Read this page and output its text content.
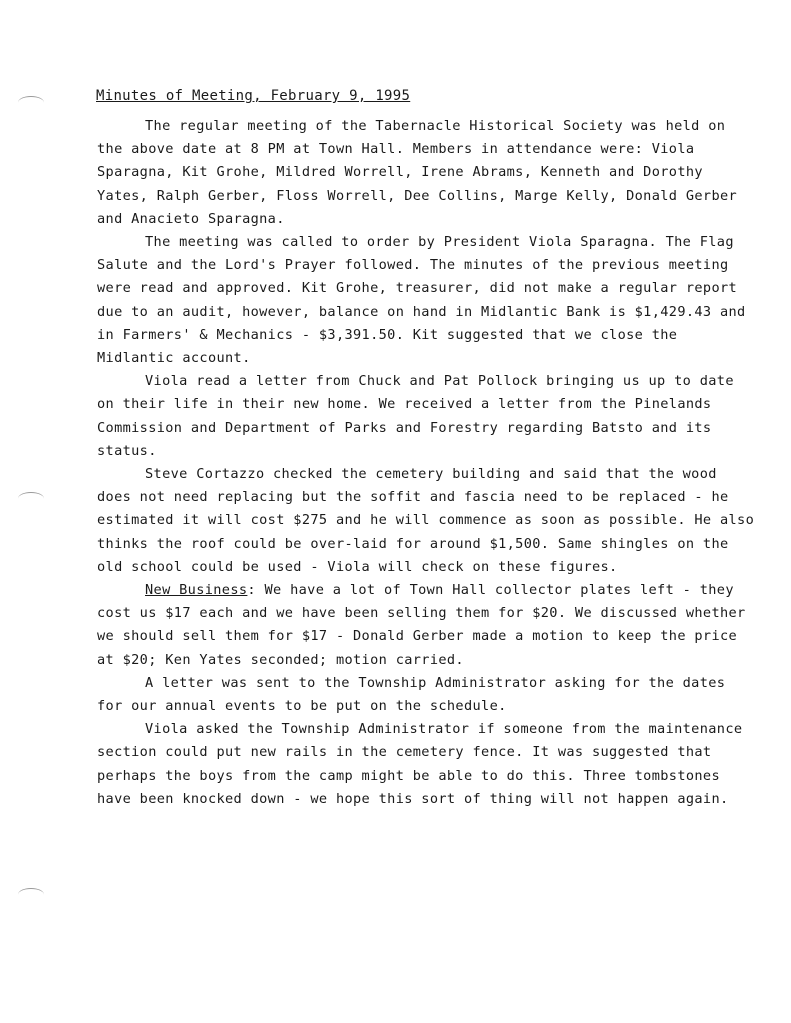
Minutes of Meeting, February 9, 1995

The regular meeting of the Tabernacle Historical Society was held on the above date at 8 PM at Town Hall. Members in attendance were: Viola Sparagna, Kit Grohe, Mildred Worrell, Irene Abrams, Kenneth and Dorothy Yates, Ralph Gerber, Floss Worrell, Dee Collins, Marge Kelly, Donald Gerber and Anacieto Sparagna.

The meeting was called to order by President Viola Sparagna. The Flag Salute and the Lord's Prayer followed. The minutes of the previous meeting were read and approved. Kit Grohe, treasurer, did not make a regular report due to an audit, however, balance on hand in Midlantic Bank is $1,429.43 and in Farmers' & Mechanics - $3,391.50. Kit suggested that we close the Midlantic account.

Viola read a letter from Chuck and Pat Pollock bringing us up to date on their life in their new home. We received a letter from the Pinelands Commission and Department of Parks and Forestry regarding Batsto and its status.

Steve Cortazzo checked the cemetery building and said that the wood does not need replacing but the soffit and fascia need to be replaced - he estimated it will cost $275 and he will commence as soon as possible. He also thinks the roof could be over-laid for around $1,500. Same shingles on the old school could be used - Viola will check on these figures.

New Business: We have a lot of Town Hall collector plates left - they cost us $17 each and we have been selling them for $20. We discussed whether we should sell them for $17 - Donald Gerber made a motion to keep the price at $20; Ken Yates seconded; motion carried.

A letter was sent to the Township Administrator asking for the dates for our annual events to be put on the schedule.

Viola asked the Township Administrator if someone from the maintenance section could put new rails in the cemetery fence. It was suggested that perhaps the boys from the camp might be able to do this. Three tombstones have been knocked down - we hope this sort of thing will not happen again.
